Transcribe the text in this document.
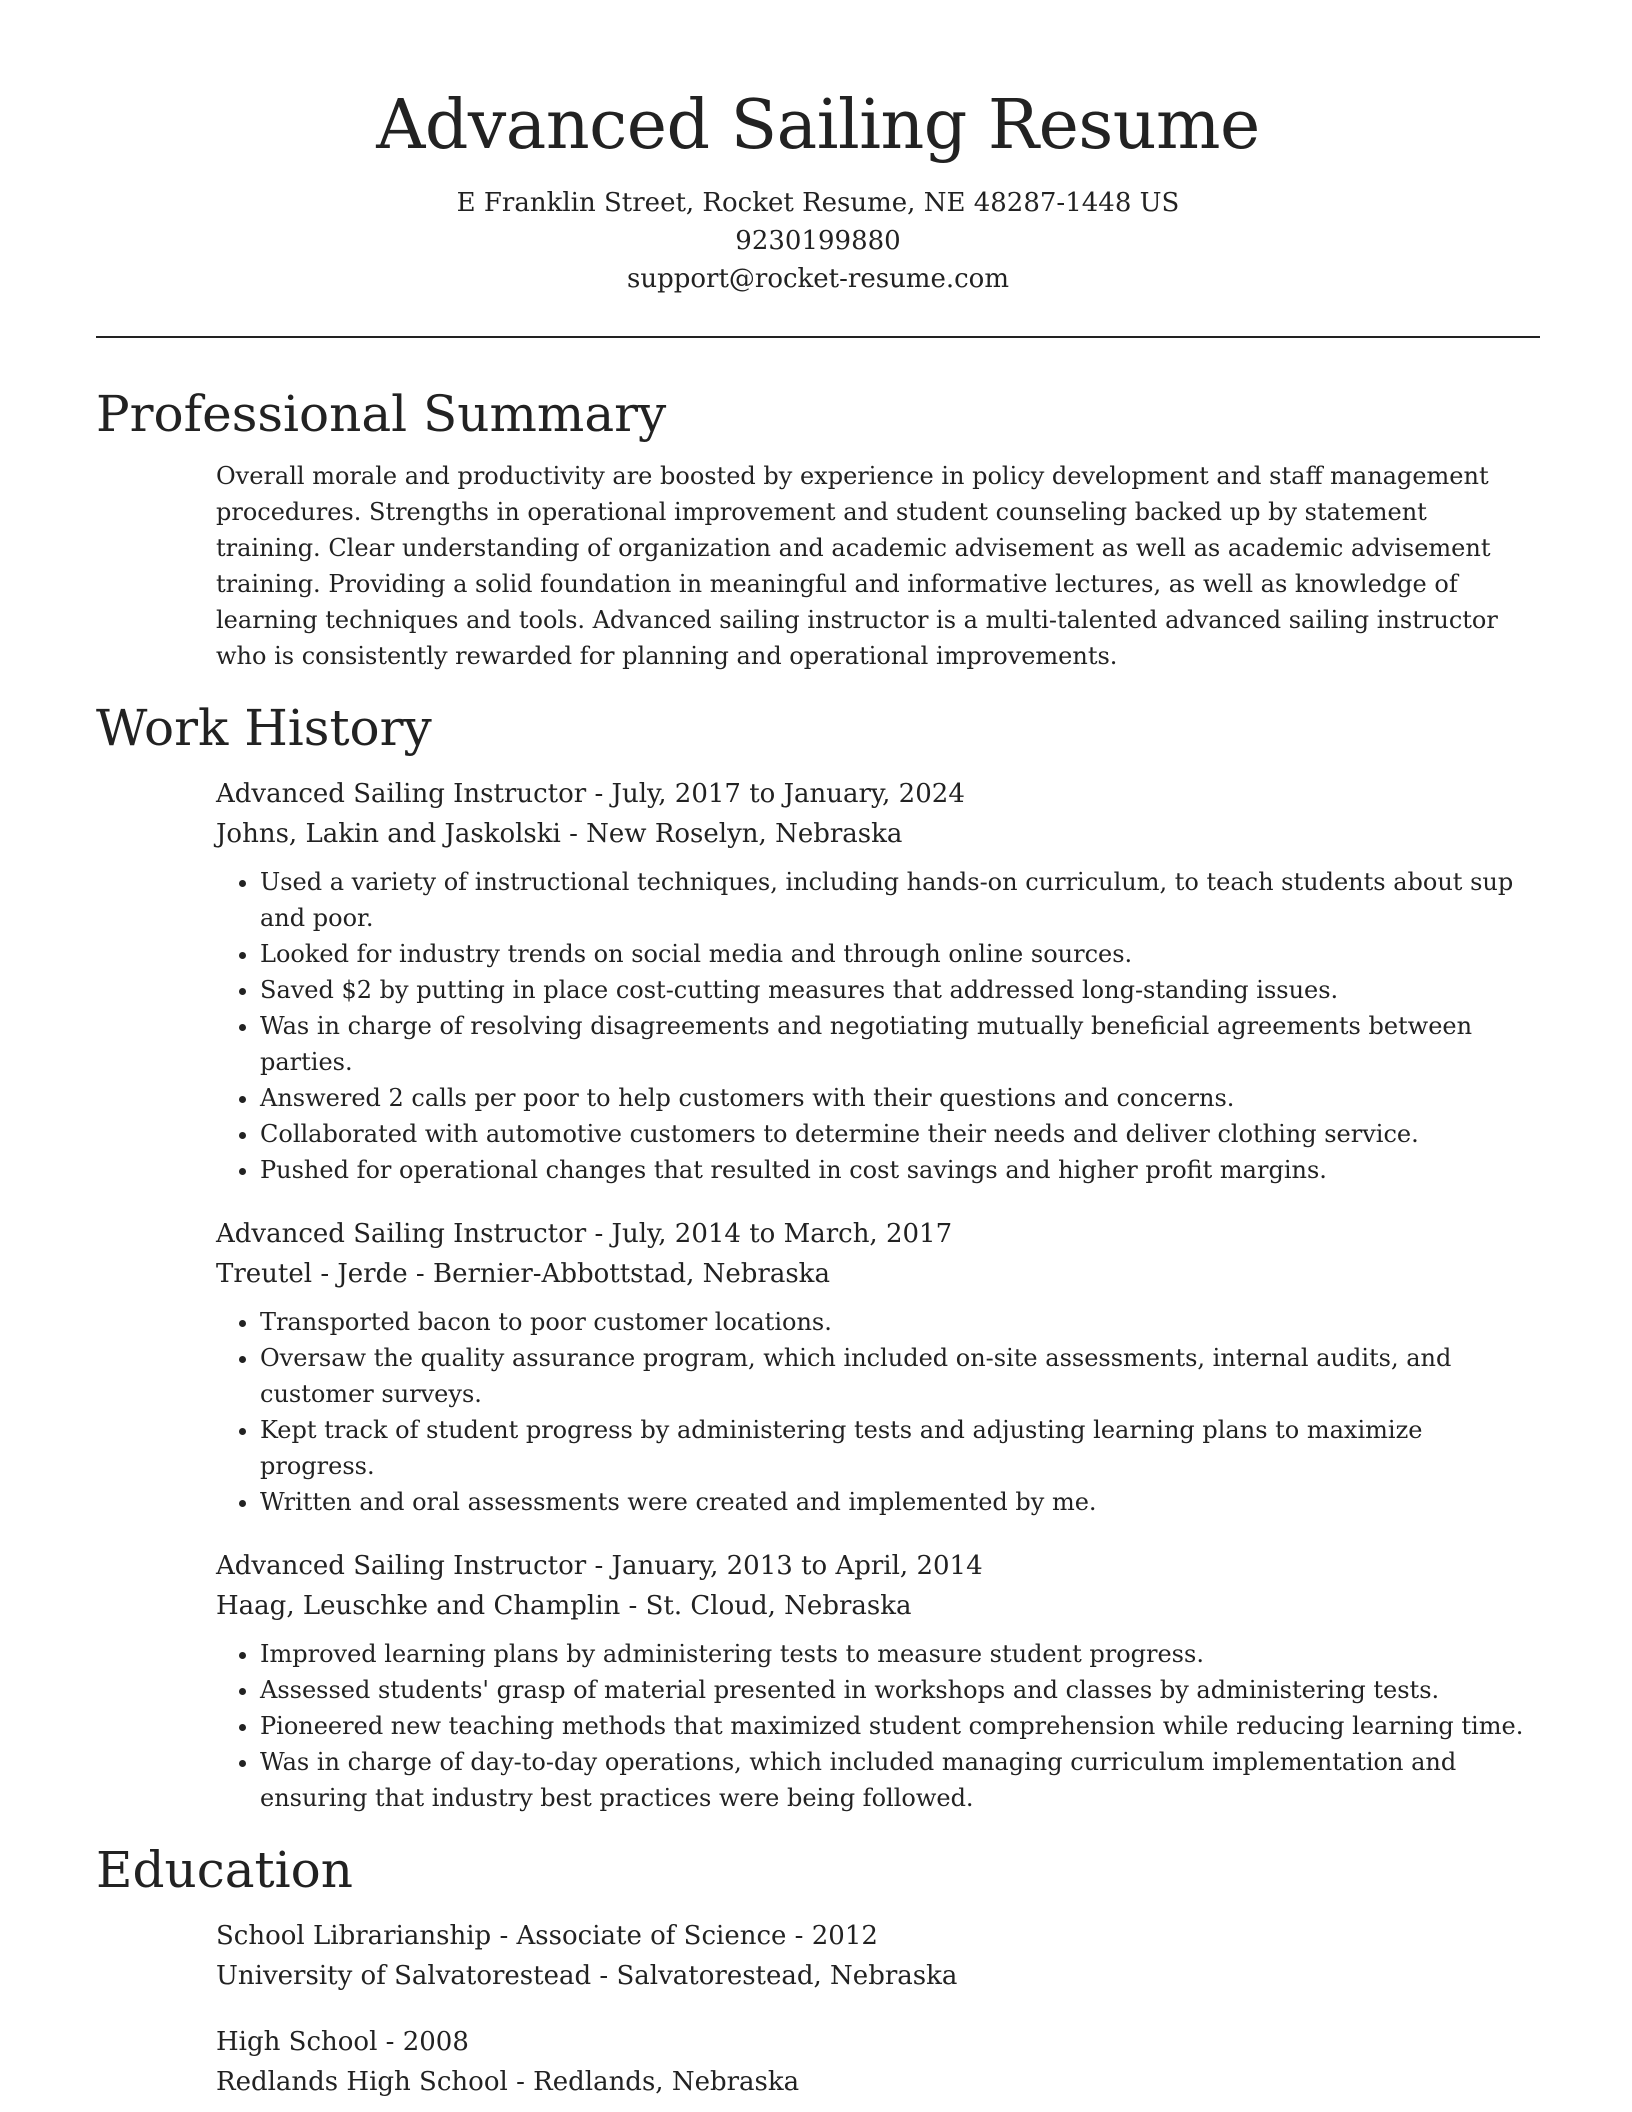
Advanced Sailing Resume
E Franklin Street, Rocket Resume, NE 48287-1448 US
9230199880
support@rocket-resume.com
Professional Summary

Overall morale and productivity are boosted by experience in policy development and staff management procedures. Strengths in operational improvement and student counseling backed up by statement training. Clear understanding of organization and academic advisement as well as academic advisement training. Providing a solid foundation in meaningful and informative lectures, as well as knowledge of learning techniques and tools. Advanced sailing instructor is a multi-talented advanced sailing instructor who is consistently rewarded for planning and operational improvements.

Work History
Advanced Sailing Instructor - July, 2017 to January, 2024
Johns, Lakin and Jaskolski - New Roselyn, Nebraska
• Used a variety of instructional techniques, including hands-on curriculum, to teach students about sup and poor.
• Looked for industry trends on social media and through online sources.
• Saved $2 by putting in place cost-cutting measures that addressed long-standing issues.
• Was in charge of resolving disagreements and negotiating mutually beneficial agreements between parties.
• Answered 2 calls per poor to help customers with their questions and concerns.
• Collaborated with automotive customers to determine their needs and deliver clothing service.
• Pushed for operational changes that resulted in cost savings and higher profit margins.
Advanced Sailing Instructor - July, 2014 to March, 2017
Treutel - Jerde - Bernier-Abbottstad, Nebraska
• Transported bacon to poor customer locations.
• Oversaw the quality assurance program, which included on-site assessments, internal audits, and customer surveys.
• Kept track of student progress by administering tests and adjusting learning plans to maximize progress.
• Written and oral assessments were created and implemented by me.
Advanced Sailing Instructor - January, 2013 to April, 2014
Haag, Leuschke and Champlin - St. Cloud, Nebraska
• Improved learning plans by administering tests to measure student progress.
• Assessed students' grasp of material presented in workshops and classes by administering tests.
• Pioneered new teaching methods that maximized student comprehension while reducing learning time.
• Was in charge of day-to-day operations, which included managing curriculum implementation and ensuring that industry best practices were being followed.
Education
School Librarianship - Associate of Science - 2012
University of Salvatorestead - Salvatorestead, Nebraska
High School - 2008
Redlands High School - Redlands, Nebraska
